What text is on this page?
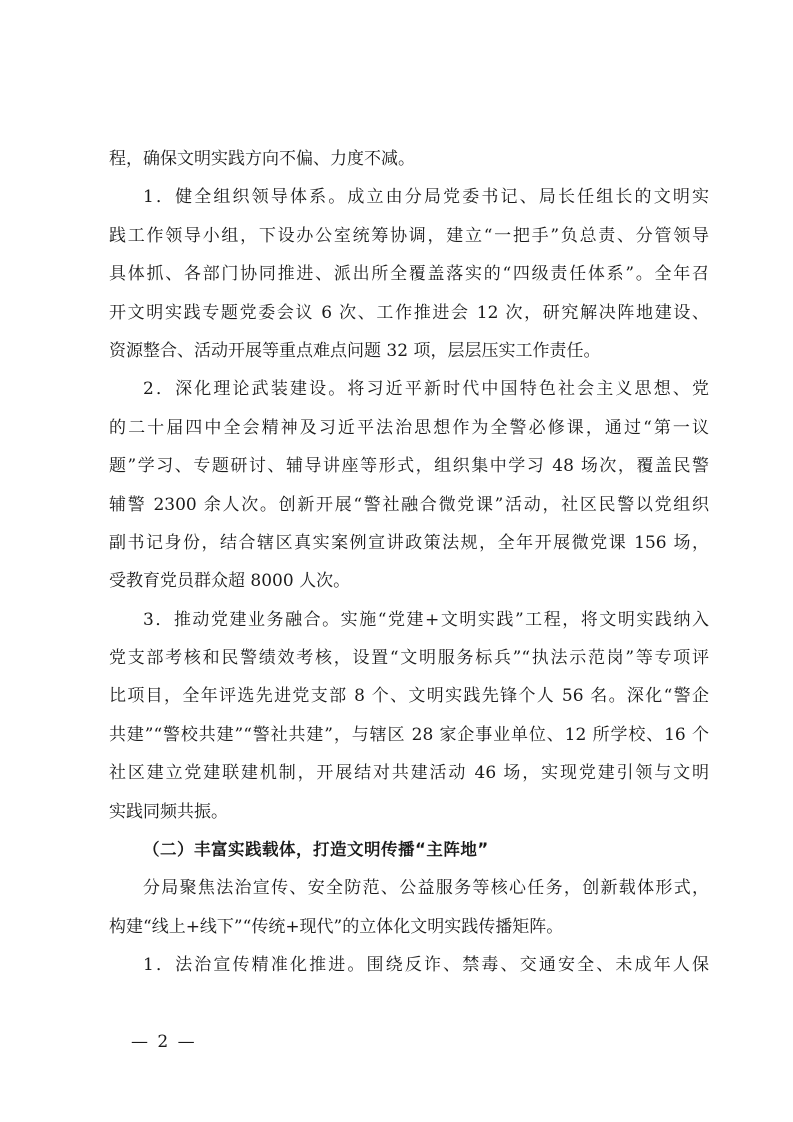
程，确保文明实践方向不偏、力度不减。
1．健全组织领导体系。成立由分局党委书记、局长任组长的文明实
践工作领导小组，下设办公室统筹协调，建立“一把手”负总责、分管领导
具体抓、各部门协同推进、派出所全覆盖落实的“四级责任体系”。全年召
开文明实践专题党委会议 6 次、工作推进会 12 次，研究解决阵地建设、
资源整合、活动开展等重点难点问题 32 项，层层压实工作责任。
2．深化理论武装建设。将习近平新时代中国特色社会主义思想、党
的二十届四中全会精神及习近平法治思想作为全警必修课，通过“第一议
题”学习、专题研讨、辅导讲座等形式，组织集中学习 48 场次，覆盖民警
辅警 2300 余人次。创新开展“警社融合微党课”活动，社区民警以党组织
副书记身份，结合辖区真实案例宣讲政策法规，全年开展微党课 156 场，
受教育党员群众超 8000 人次。
3．推动党建业务融合。实施“党建+文明实践”工程，将文明实践纳入
党支部考核和民警绩效考核，设置“文明服务标兵”“执法示范岗”等专项评
比项目，全年评选先进党支部 8 个、文明实践先锋个人 56 名。深化“警企
共建”“警校共建”“警社共建”，与辖区 28 家企事业单位、12 所学校、16 个
社区建立党建联建机制，开展结对共建活动 46 场，实现党建引领与文明
实践同频共振。
（二）丰富实践载体，打造文明传播“主阵地”
分局聚焦法治宣传、安全防范、公益服务等核心任务，创新载体形式，
构建“线上+线下”“传统+现代”的立体化文明实践传播矩阵。
1．法治宣传精准化推进。围绕反诈、禁毒、交通安全、未成年人保
— 2 —
